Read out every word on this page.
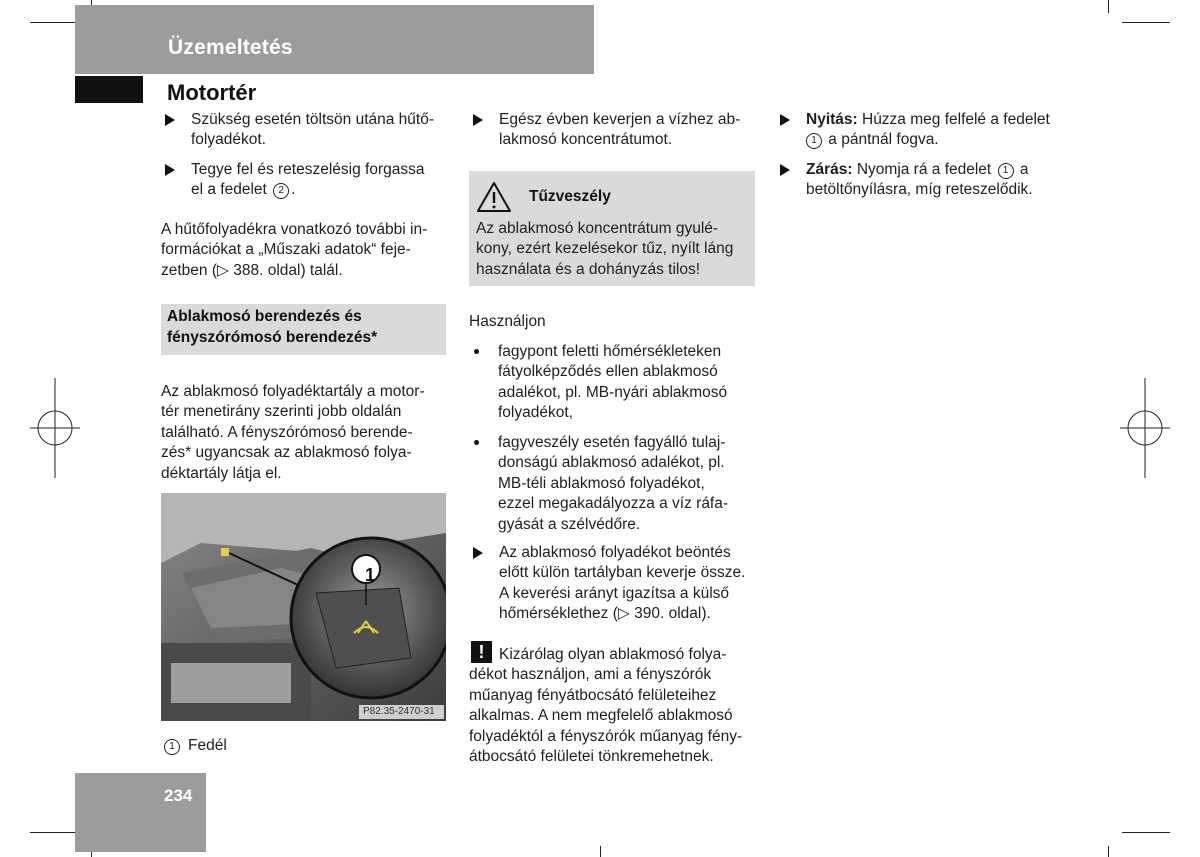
Üzemeltetés
Motortér
Szükség esetén töltsön utána hűtő-
folyadékot.
Tegye fel és reteszelésig forgassa
el a fedelet 2 .
A hűtőfolyadékra vonatkozó további in-
formációkat a „Műszaki adatok“ feje-
zetben (▷ 388. oldal) talál.
Ablakmosó berendezés és
fényszórómosó berendezés*
Az ablakmosó folyadéktartály a motor-
tér menetirány szerinti jobb oldalán
található. A fényszórómosó berende-
zés* ugyancsak az ablakmosó folya-
déktartály látja el.
1
P82.35-2470-31
1 Fedél
Egész évben keverjen a vízhez ab-
lakmosó koncentrátumot.
Tűzveszély
Az ablakmosó koncentrátum gyulé-
kony, ezért kezelésekor tűz, nyílt láng
használata és a dohányzás tilos!
Használjon
fagypont feletti hőmérsékleteken
fátyolképződés ellen ablakmosó
adalékot, pl. MB-nyári ablakmosó
folyadékot,
fagyveszély esetén fagyálló tulaj-
donságú ablakmosó adalékot, pl.
MB-téli ablakmosó folyadékot,
ezzel megakadályozza a víz ráfa-
gyását a szélvédőre.
Az ablakmosó folyadékot beöntés
előtt külön tartályban keverje össze.
A keverési arányt igazítsa a külső
hőmérséklethez (▷ 390. oldal).
! Kizárólag olyan ablakmosó folya-
dékot használjon, ami a fényszórók
műanyag fényátbocsátó felületeihez
alkalmas. A nem megfelelő ablakmosó
folyadéktól a fényszórók műanyag fény-
átbocsátó felületei tönkremehetnek.
Nyitás: Húzza meg felfelé a fedelet
1 a pántnál fogva.
Zárás: Nyomja rá a fedelet 1 a
betöltőnyílásra, míg reteszelődik.
234
